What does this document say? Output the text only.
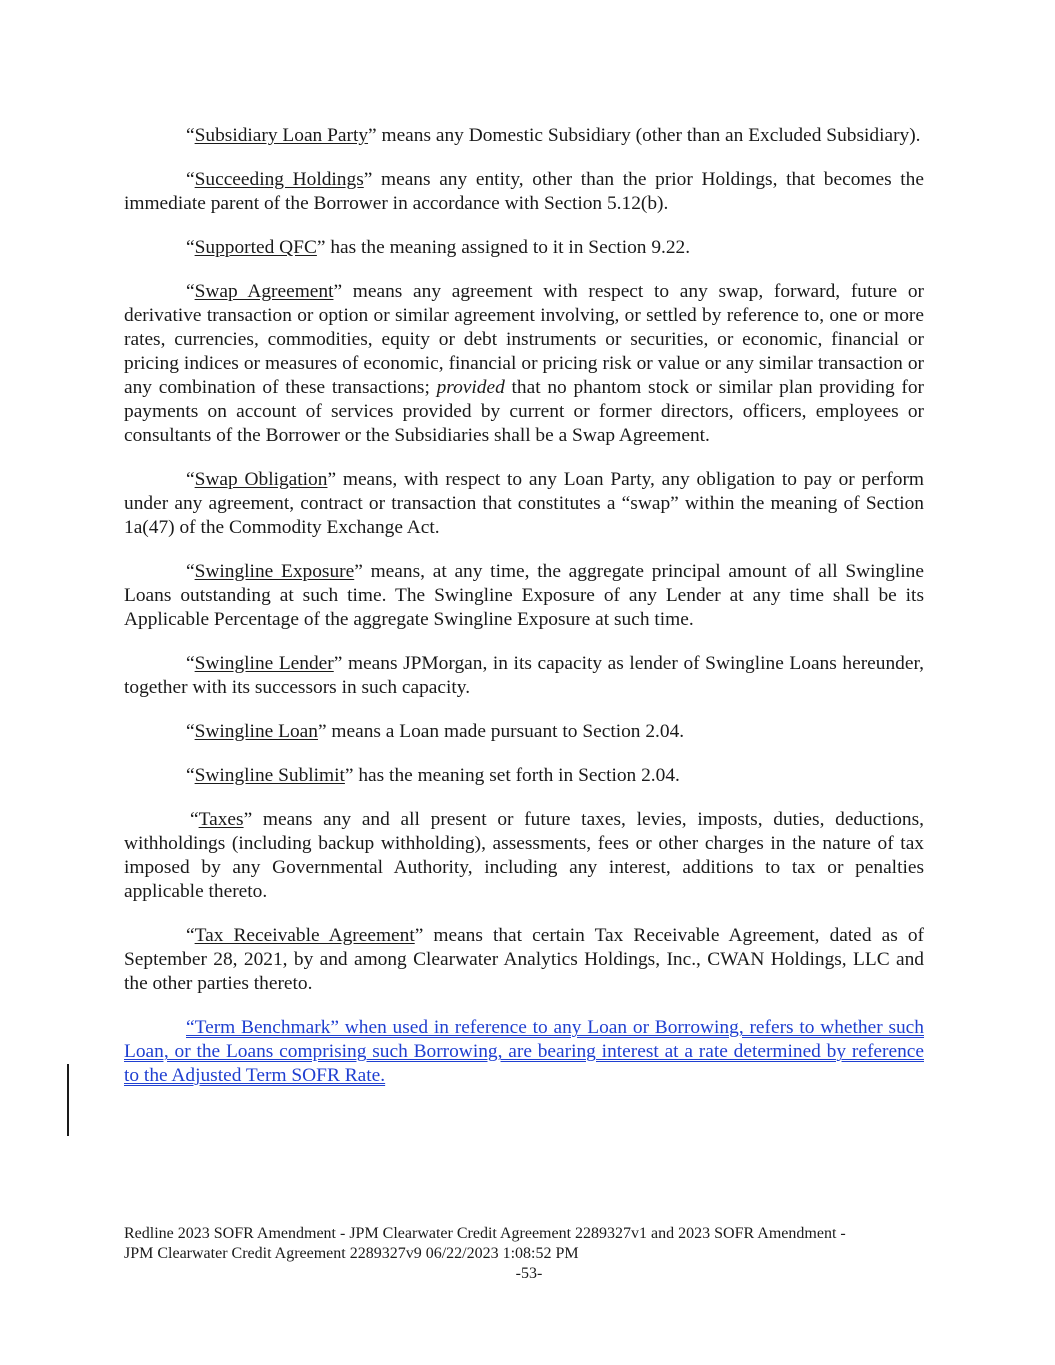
“Subsidiary Loan Party” means any Domestic Subsidiary (other than an Excluded Subsidiary).

“Succeeding Holdings” means any entity, other than the prior Holdings, that becomes the immediate parent of the Borrower in accordance with Section 5.12(b).

“Supported QFC” has the meaning assigned to it in Section 9.22.

“Swap Agreement” means any agreement with respect to any swap, forward, future or derivative transaction or option or similar agreement involving, or settled by reference to, one or more rates, currencies, commodities, equity or debt instruments or securities, or economic, financial or pricing indices or measures of economic, financial or pricing risk or value or any similar transaction or any combination of these transactions; provided that no phantom stock or similar plan providing for payments on account of services provided by current or former directors, officers, employees or consultants of the Borrower or the Subsidiaries shall be a Swap Agreement.

“Swap Obligation” means, with respect to any Loan Party, any obligation to pay or perform under any agreement, contract or transaction that constitutes a “swap” within the meaning of Section 1a(47) of the Commodity Exchange Act.

“Swingline Exposure” means, at any time, the aggregate principal amount of all Swingline Loans outstanding at such time. The Swingline Exposure of any Lender at any time shall be its Applicable Percentage of the aggregate Swingline Exposure at such time.

“Swingline Lender” means JPMorgan, in its capacity as lender of Swingline Loans hereunder, together with its successors in such capacity.

“Swingline Loan” means a Loan made pursuant to Section 2.04.

“Swingline Sublimit” has the meaning set forth in Section 2.04.

“Taxes” means any and all present or future taxes, levies, imposts, duties, deductions, withholdings (including backup withholding), assessments, fees or other charges in the nature of tax imposed by any Governmental Authority, including any interest, additions to tax or penalties applicable thereto.

“Tax Receivable Agreement” means that certain Tax Receivable Agreement, dated as of September 28, 2021, by and among Clearwater Analytics Holdings, Inc., CWAN Holdings, LLC and the other parties thereto.

“Term Benchmark” when used in reference to any Loan or Borrowing, refers to whether such Loan, or the Loans comprising such Borrowing, are bearing interest at a rate determined by reference to the Adjusted Term SOFR Rate.

Redline 2023 SOFR Amendment - JPM Clearwater Credit Agreement 2289327v1 and 2023 SOFR Amendment -
JPM Clearwater Credit Agreement 2289327v9 06/22/2023 1:08:52 PM
-53-
